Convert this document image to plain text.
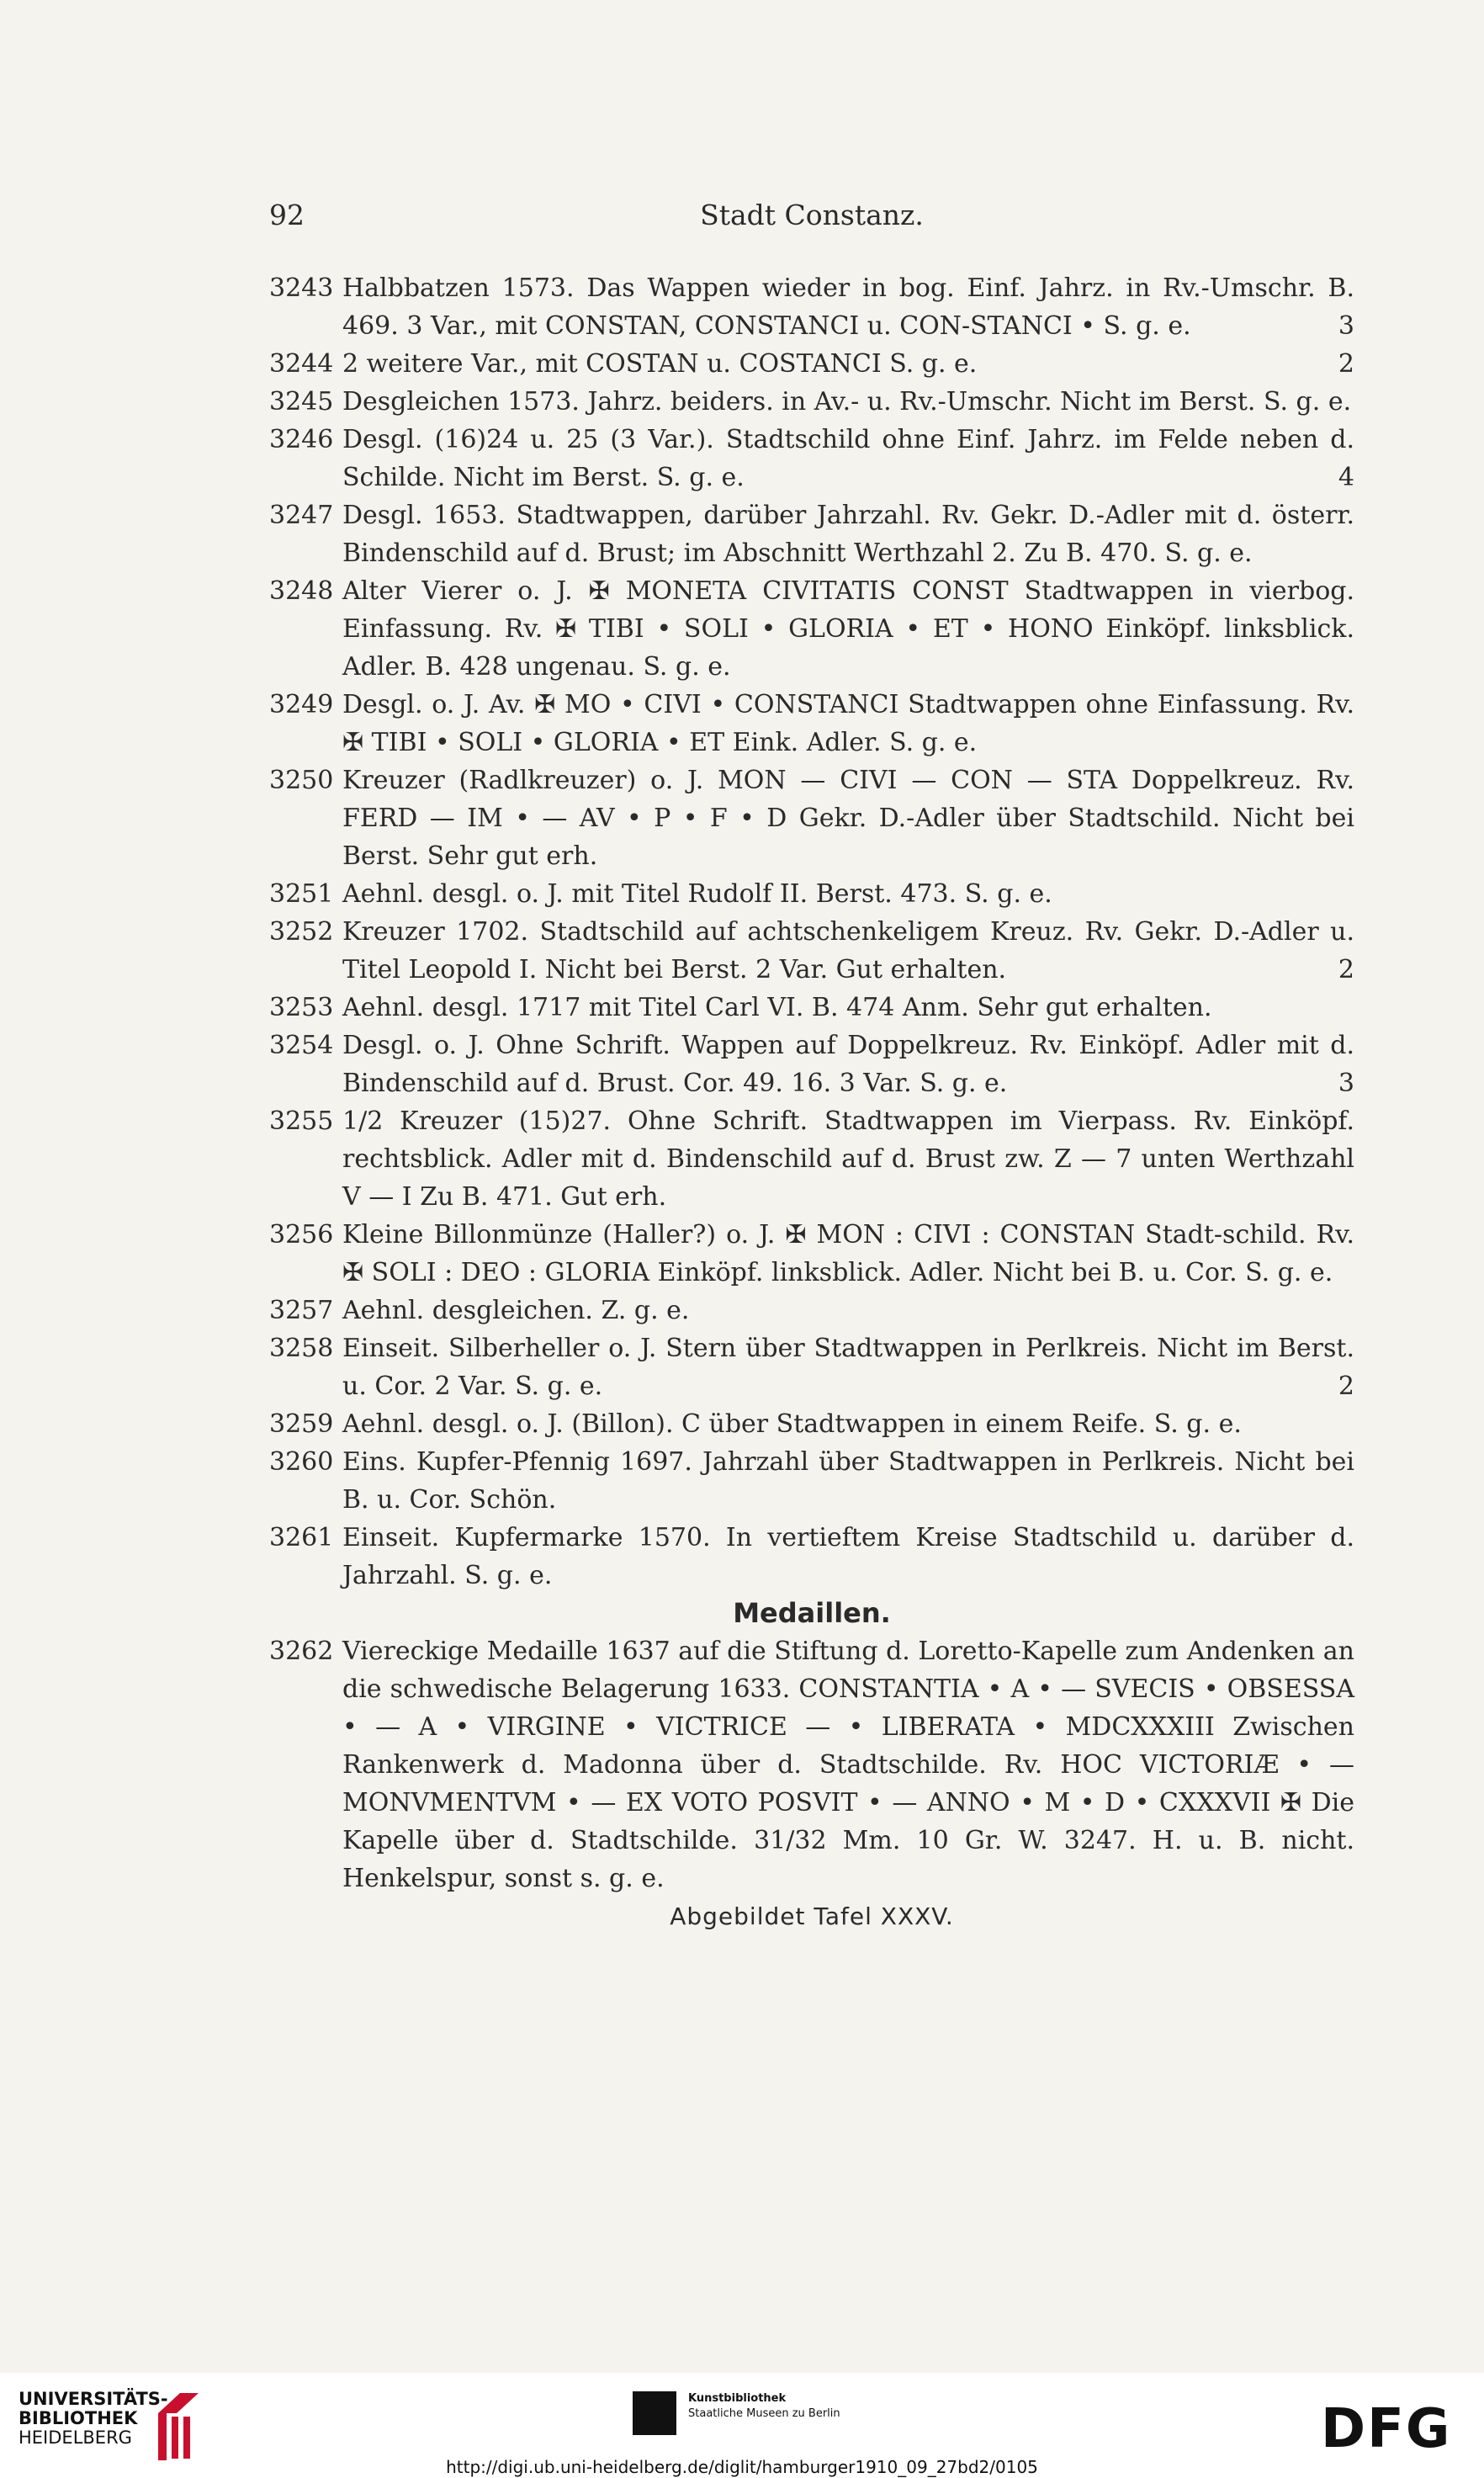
92	Stadt Constanz.
3243 Halbbatzen 1573. Das Wappen wieder in bog. Einf. Jahrz. in Rv.-Umschr. B. 469. 3 Var., mit CONSTAN, CONSTANCI u. CON-STANCI • S. g. e.	3
3244 2 weitere Var., mit COSTAN u. COSTANCI S. g. e.	2
3245 Desgleichen 1573. Jahrz. beiders. in Av.- u. Rv.-Umschr. Nicht im Berst. S. g. e.
3246 Desgl. (16)24 u. 25 (3 Var.). Stadtschild ohne Einf. Jahrz. im Felde neben d. Schilde. Nicht im Berst. S. g. e.	4
3247 Desgl. 1653. Stadtwappen, darüber Jahrzahl. Rv. Gekr. D.-Adler mit d. österr. Bindenschild auf d. Brust; im Abschnitt Werthzahl 2. Zu B. 470. S. g. e.
3248 Alter Vierer o. J. ✠ MONETA CIVITATIS CONST Stadtwappen in vierbog. Einfassung. Rv. ✠ TIBI • SOLI • GLORIA • ET • HONO Einköpf. linksblick. Adler. B. 428 ungenau. S. g. e.
3249 Desgl. o. J. Av. ✠ MO • CIVI • CONSTANCI Stadtwappen ohne Einfassung. Rv. ✠ TIBI • SOLI • GLORIA • ET Eink. Adler. S. g. e.
3250 Kreuzer (Radlkreuzer) o. J. MON — CIVI — CON — STA Doppelkreuz. Rv. FERD — IM • — AV • P • F • D Gekr. D.-Adler über Stadtschild. Nicht bei Berst. Sehr gut erh.
3251 Aehnl. desgl. o. J. mit Titel Rudolf II. Berst. 473. S. g. e.
3252 Kreuzer 1702. Stadtschild auf achtschenkeligem Kreuz. Rv. Gekr. D.-Adler u. Titel Leopold I. Nicht bei Berst. 2 Var. Gut erhalten.	2
3253 Aehnl. desgl. 1717 mit Titel Carl VI. B. 474 Anm. Sehr gut erhalten.
3254 Desgl. o. J. Ohne Schrift. Wappen auf Doppelkreuz. Rv. Einköpf. Adler mit d. Bindenschild auf d. Brust. Cor. 49. 16. 3 Var. S. g. e.	3
3255 1/2 Kreuzer (15)27. Ohne Schrift. Stadtwappen im Vierpass. Rv. Einköpf. rechtsblick. Adler mit d. Bindenschild auf d. Brust zw. Z — 7 unten Werthzahl V — I Zu B. 471. Gut erh.
3256 Kleine Billonmünze (Haller?) o. J. ✠ MON : CIVI : CONSTAN Stadt-schild. Rv. ✠ SOLI : DEO : GLORIA Einköpf. linksblick. Adler. Nicht bei B. u. Cor. S. g. e.
3257 Aehnl. desgleichen. Z. g. e.
3258 Einseit. Silberheller o. J. Stern über Stadtwappen in Perlkreis. Nicht im Berst. u. Cor. 2 Var. S. g. e.	2
3259 Aehnl. desgl. o. J. (Billon). C über Stadtwappen in einem Reife. S. g. e.
3260 Eins. Kupfer-Pfennig 1697. Jahrzahl über Stadtwappen in Perlkreis. Nicht bei B. u. Cor. Schön.
3261 Einseit. Kupfermarke 1570. In vertieftem Kreise Stadtschild u. darüber d. Jahrzahl. S. g. e.
Medaillen.
3262 Viereckige Medaille 1637 auf die Stiftung d. Loretto-Kapelle zum Andenken an die schwedische Belagerung 1633. CONSTANTIA • A • — SVECIS • OBSESSA • — A • VIRGINE • VICTRICE — • LIBERATA • MDCXXXIII Zwischen Rankenwerk d. Madonna über d. Stadtschilde. Rv. HOC VICTORIÆ • — MONVMENTVM • — EX VOTO POSVIT • — ANNO • M • D • CXXXVII ✠ Die Kapelle über d. Stadtschilde. 31/32 Mm. 10 Gr. W. 3247. H. u. B. nicht. Henkelspur, sonst s. g. e.
Abgebildet Tafel XXXV.
UNIVERSITÄTS-
BIBLIOTHEK
HEIDELBERG
Kunstbibliothek
Staatliche Museen zu Berlin	DFG
http://digi.ub.uni-heidelberg.de/diglit/hamburger1910_09_27bd2/0105
